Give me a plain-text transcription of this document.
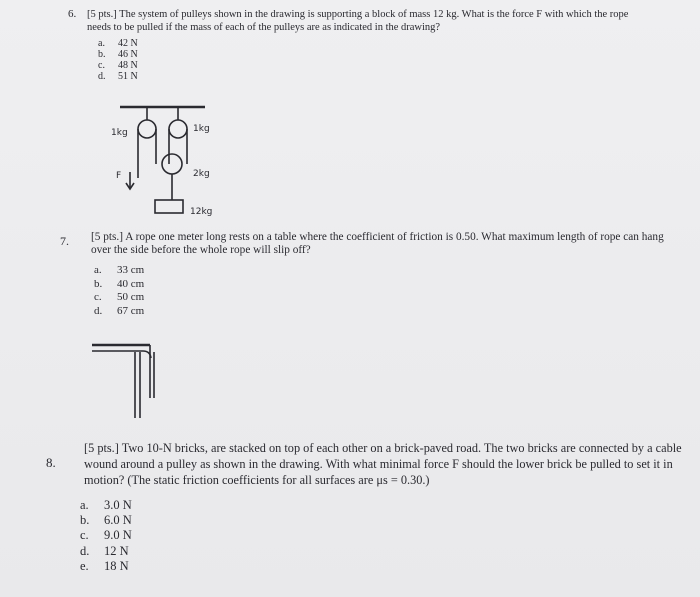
6. [5 pts.] The system of pulleys shown in the drawing is supporting a block of mass 12 kg. What is the force F with which the rope needs to be pulled if the mass of each of the pulleys are as indicated in the drawing?
a.	42 N
b.	46 N
c.	48 N
d.	51 N
7. [5 pts.] A rope one meter long rests on a table where the coefficient of friction is 0.50. What maximum length of rope can hang over the side before the whole rope will slip off?
a.	33 cm
b.	40 cm
c.	50 cm
d.	67 cm
8.
[5 pts.] Two 10-N bricks, are stacked on top of each other on a brick-paved road. The two bricks are connected by a cable wound around a pulley as shown in the drawing. With what minimal force F should the lower brick be pulled to set it in motion? (The static friction coefficients for all surfaces are μs = 0.30.)
a.	3.0 N
b.	6.0 N
c.	9.0 N
d.	12 N
e.	18 N
1kg	1kg
2kg
F
12kg
